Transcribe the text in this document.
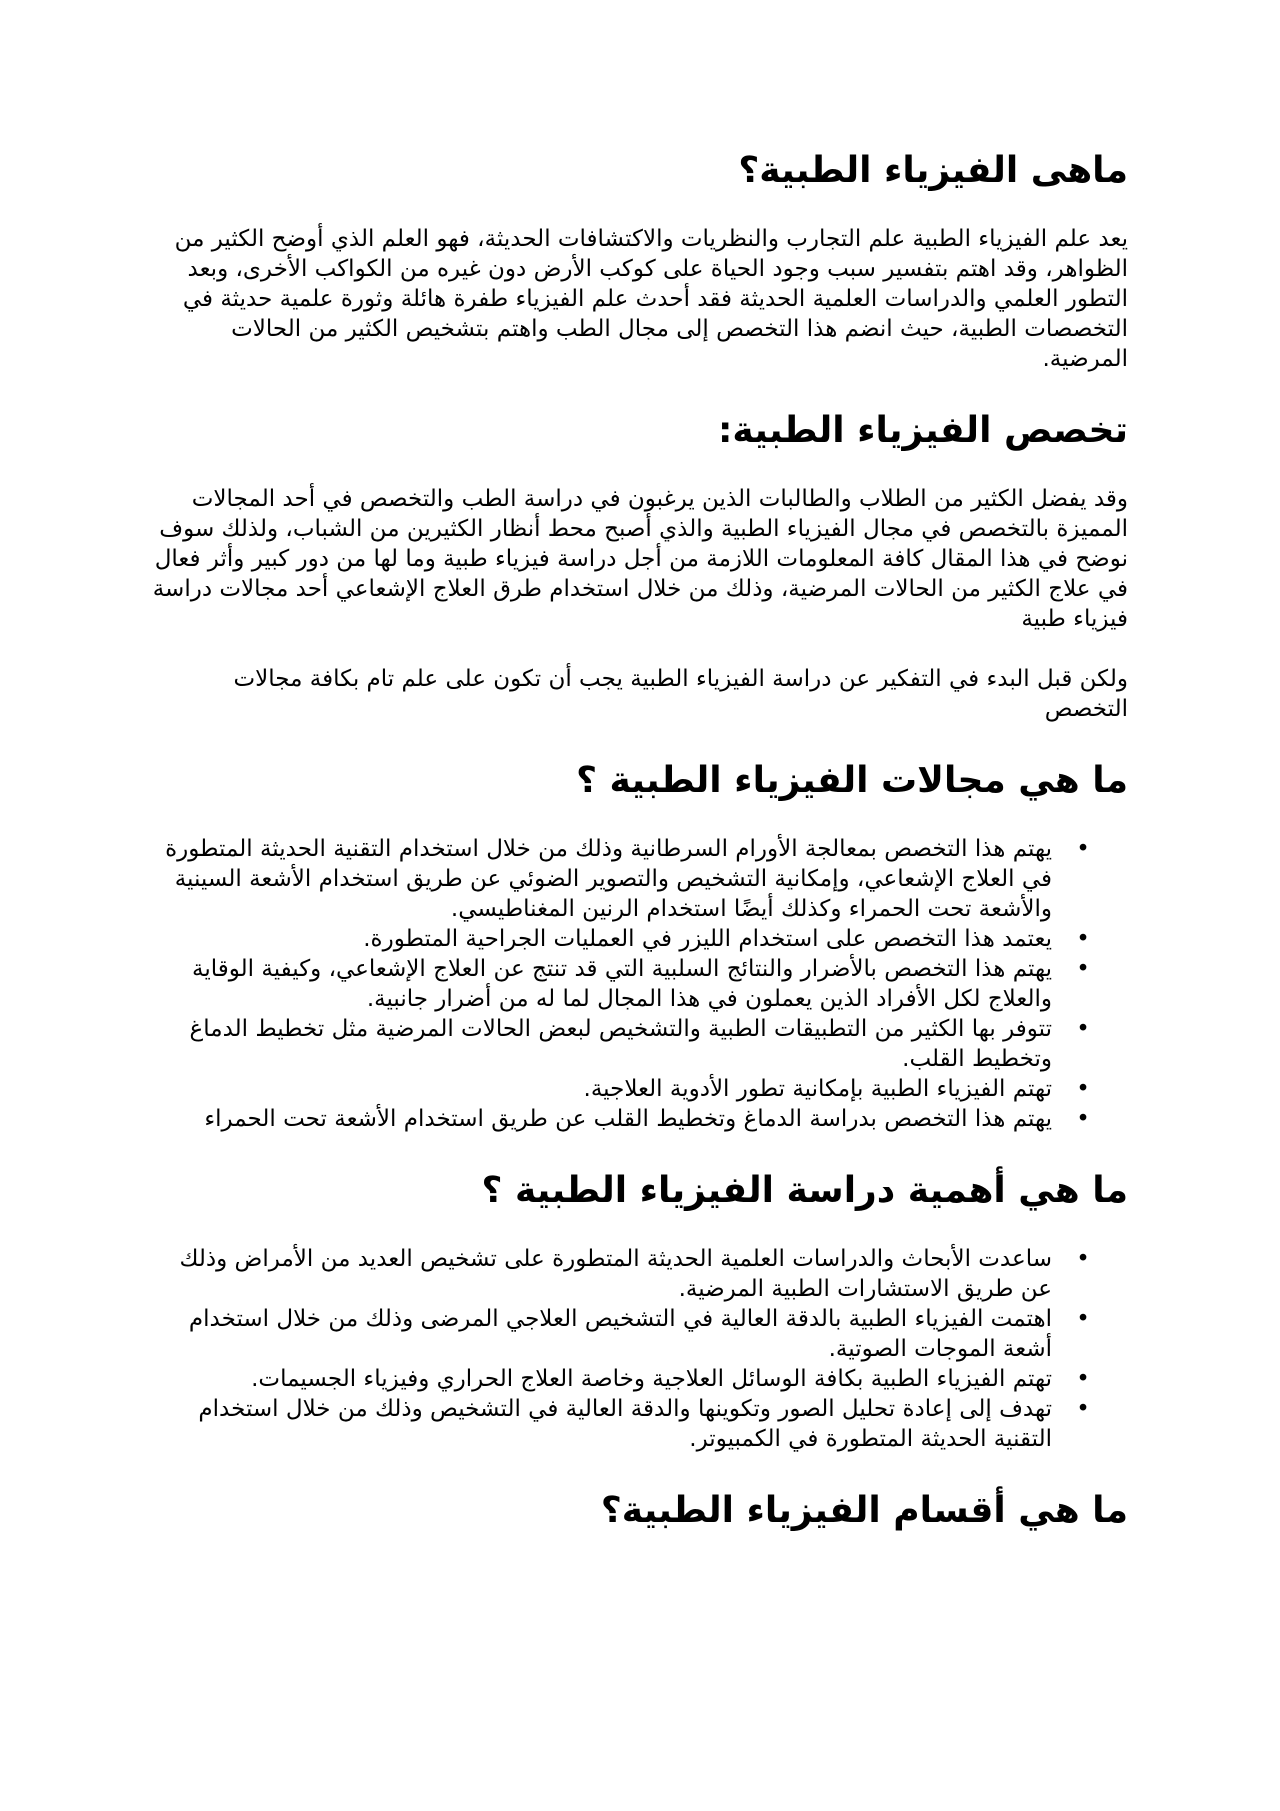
ماهى الفيزياء الطبية؟

يعد علم الفيزياء الطبية علم التجارب والنظريات والاكتشافات الحديثة، فهو العلم الذي أوضح الكثير من الظواهر، وقد اهتم بتفسير سبب وجود الحياة على كوكب الأرض دون غيره من الكواكب الأخرى، وبعد التطور العلمي والدراسات العلمية الحديثة فقد أحدث علم الفيزياء طفرة هائلة وثورة علمية حديثة في التخصصات الطبية، حيث انضم هذا التخصص إلى مجال الطب واهتم بتشخيص الكثير من الحالات المرضية.

تخصص الفيزياء الطبية:

وقد يفضل الكثير من الطلاب والطالبات الذين يرغبون في دراسة الطب والتخصص في أحد المجالات المميزة بالتخصص في مجال الفيزياء الطبية والذي أصبح محط أنظار الكثيرين من الشباب، ولذلك سوف نوضح في هذا المقال كافة المعلومات اللازمة من أجل دراسة فيزياء طبية وما لها من دور كبير وأثر فعال في علاج الكثير من الحالات المرضية، وذلك من خلال استخدام طرق العلاج الإشعاعي أحد مجالات دراسة فيزياء طبية

ولكن قبل البدء في التفكير عن دراسة الفيزياء الطبية يجب أن تكون على علم تام بكافة مجالات التخصص

ما هي مجالات الفيزياء الطبية ؟
•
يهتم هذا التخصص بمعالجة الأورام السرطانية وذلك من خلال استخدام التقنية الحديثة المتطورة في العلاج الإشعاعي، وإمكانية التشخيص والتصوير الضوئي عن طريق استخدام الأشعة السينية والأشعة تحت الحمراء وكذلك أيضًا استخدام الرنين المغناطيسي.
•
يعتمد هذا التخصص على استخدام الليزر في العمليات الجراحية المتطورة.
•
يهتم هذا التخصص بالأضرار والنتائج السلبية التي قد تنتج عن العلاج الإشعاعي، وكيفية الوقاية والعلاج لكل الأفراد الذين يعملون في هذا المجال لما له من أضرار جانبية.
•
تتوفر بها الكثير من التطبيقات الطبية والتشخيص لبعض الحالات المرضية مثل تخطيط الدماغ وتخطيط القلب.
•
تهتم الفيزياء الطبية بإمكانية تطور الأدوية العلاجية.
•
يهتم هذا التخصص بدراسة الدماغ وتخطيط القلب عن طريق استخدام الأشعة تحت الحمراء
ما هي أهمية دراسة الفيزياء الطبية ؟
•
ساعدت الأبحاث والدراسات العلمية الحديثة المتطورة على تشخيص العديد من الأمراض وذلك عن طريق الاستشارات الطبية المرضية.
•
اهتمت الفيزياء الطبية بالدقة العالية في التشخيص العلاجي المرضى وذلك من خلال استخدام أشعة الموجات الصوتية.
•
تهتم الفيزياء الطبية بكافة الوسائل العلاجية وخاصة العلاج الحراري وفيزياء الجسيمات.
•
تهدف إلى إعادة تحليل الصور وتكوينها والدقة العالية في التشخيص وذلك من خلال استخدام التقنية الحديثة المتطورة في الكمبيوتر.
ما هي أقسام الفيزياء الطبية؟
